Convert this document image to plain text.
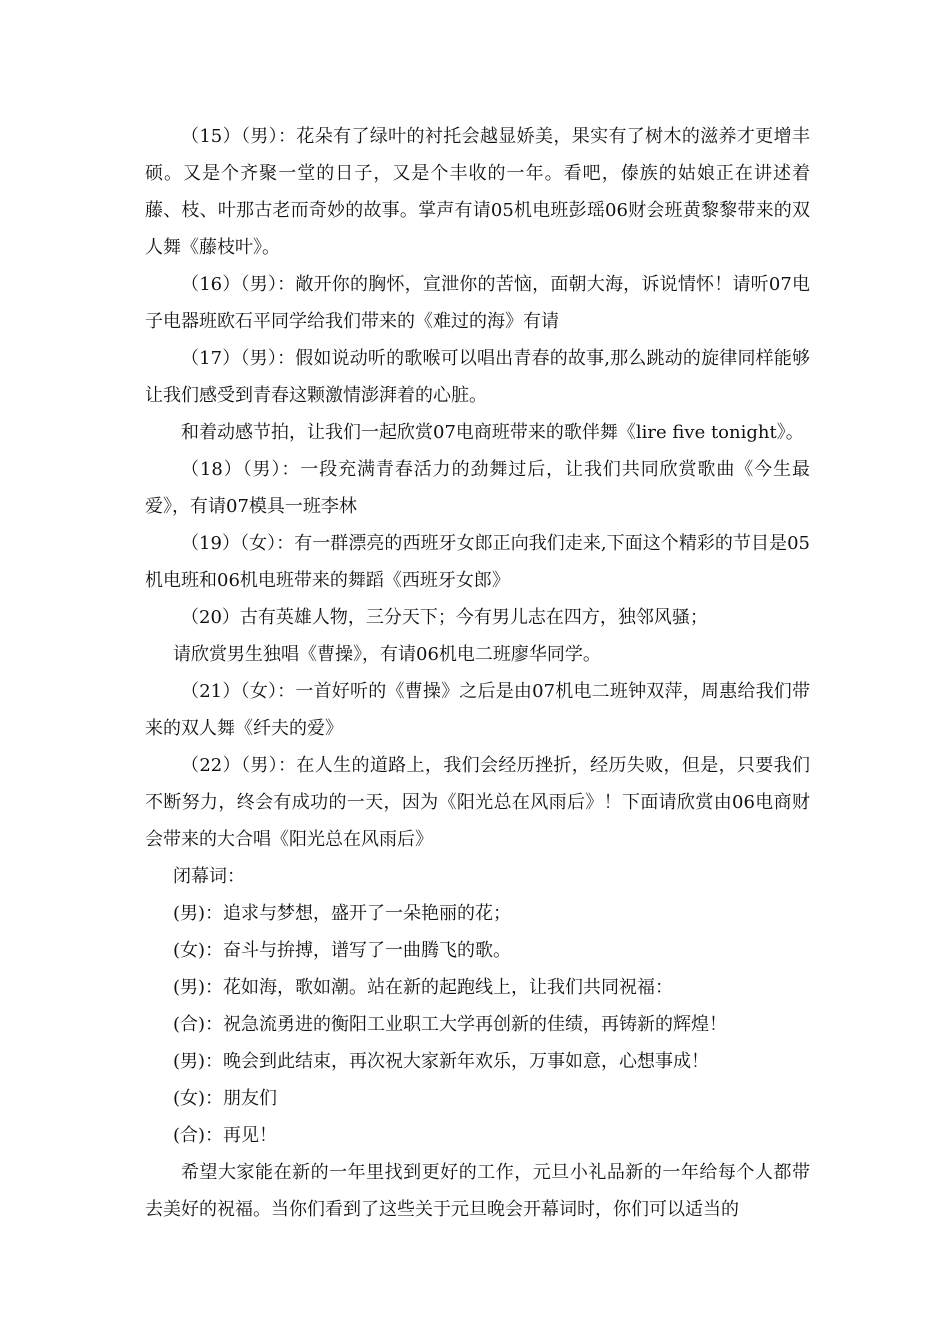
（15）（男）：花朵有了绿叶的衬托会越显娇美，果实有了树木的滋养才更增丰硕。又是个齐聚一堂的日子，又是个丰收的一年。看吧，傣族的姑娘正在讲述着藤、枝、叶那古老而奇妙的故事。掌声有请05机电班彭瑶06财会班黄黎黎带来的双人舞《藤枝叶》。

（16）（男）：敞开你的胸怀，宣泄你的苦恼，面朝大海，诉说情怀！请听07电子电器班欧石平同学给我们带来的《难过的海》有请

（17）（男）：假如说动听的歌喉可以唱出青春的故事,那么跳动的旋律同样能够让我们感受到青春这颗激情澎湃着的心脏。

和着动感节拍，让我们一起欣赏07电商班带来的歌伴舞《lire five tonight》。

（18）（男）：一段充满青春活力的劲舞过后，让我们共同欣赏歌曲《今生最爱》，有请07模具一班李林

（19）（女）：有一群漂亮的西班牙女郎正向我们走来,下面这个精彩的节目是05机电班和06机电班带来的舞蹈《西班牙女郎》

（20）古有英雄人物，三分天下；今有男儿志在四方，独邻风骚；

请欣赏男生独唱《曹操》，有请06机电二班廖华同学。

（21）（女）：一首好听的《曹操》之后是由07机电二班钟双萍，周惠给我们带来的双人舞《纤夫的爱》

（22）（男）：在人生的道路上，我们会经历挫折，经历失败，但是，只要我们不断努力，终会有成功的一天，因为《阳光总在风雨后》！下面请欣赏由06电商财会带来的大合唱《阳光总在风雨后》

闭幕词：

(男)：追求与梦想，盛开了一朵艳丽的花；

(女)：奋斗与拚搏，谱写了一曲腾飞的歌。

(男)：花如海，歌如潮。站在新的起跑线上，让我们共同祝福：

(合)：祝急流勇进的衡阳工业职工大学再创新的佳绩，再铸新的辉煌！

(男)：晚会到此结束，再次祝大家新年欢乐，万事如意，心想事成！

(女)：朋友们

(合)：再见！

希望大家能在新的一年里找到更好的工作，元旦小礼品新的一年给每个人都带去美好的祝福。当你们看到了这些关于元旦晚会开幕词时，你们可以适当的
